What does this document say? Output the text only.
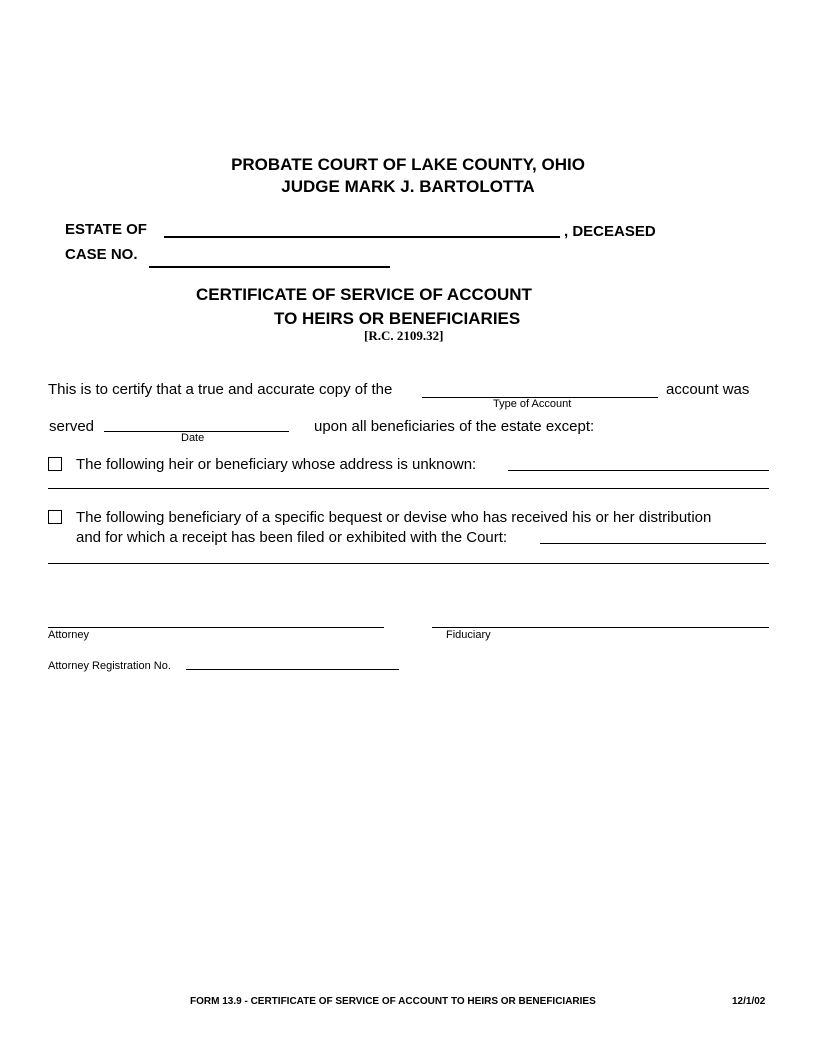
PROBATE COURT OF LAKE COUNTY, OHIO
JUDGE MARK J. BARTOLOTTA
ESTATE OF	, DECEASED
CASE NO.
CERTIFICATE OF SERVICE OF ACCOUNT
TO HEIRS OR BENEFICIARIES
[R.C. 2109.32]
This is to certify that a true and accurate copy of the	account was
Type of Account
served
Date
upon all beneficiaries of the estate except:
The following heir or beneficiary whose address is unknown:
The following beneficiary of a specific bequest or devise who has received his or her distribution
and for which a receipt has been filed or exhibited with the Court:
Attorney	Fiduciary
Attorney Registration No.
FORM 13.9 - CERTIFICATE OF SERVICE OF ACCOUNT TO HEIRS OR BENEFICIARIES	12/1/02
